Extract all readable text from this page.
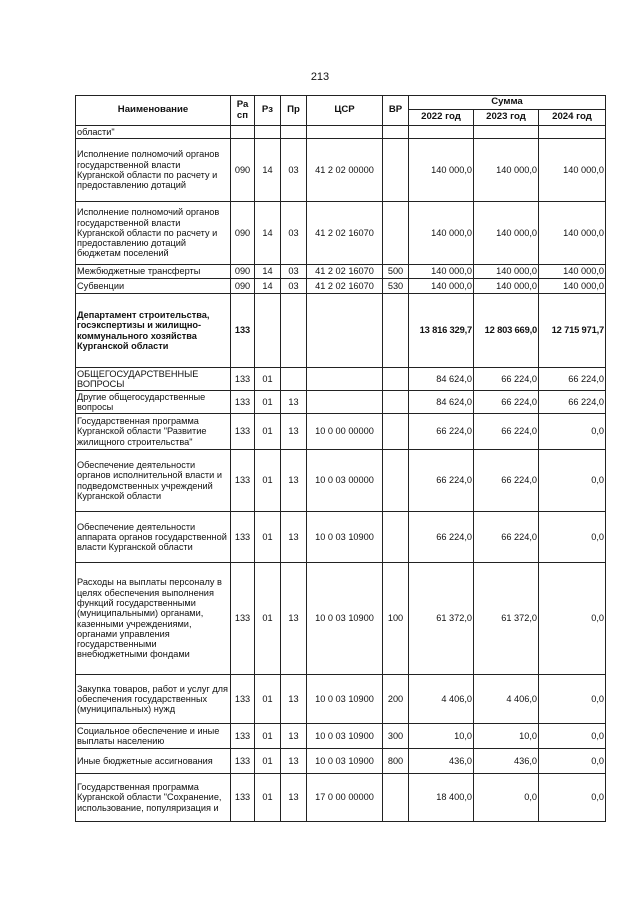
213
Наименование	Ра сп	Рз	Пр	ЦСР	ВР	Сумма		
						2022 год	2023 год	2024 год
области"								
Исполнение полномочий органов государственной власти Курганской области по расчету и предоставлению дотаций	090	14	03	41 2 02 00000		140 000,0	140 000,0	140 000,0
Исполнение полномочий органов государственной власти Курганской области по расчету и предоставлению дотаций бюджетам поселений	090	14	03	41 2 02 16070		140 000,0	140 000,0	140 000,0
Межбюджетные трансферты	090	14	03	41 2 02 16070	500	140 000,0	140 000,0	140 000,0
Субвенции	090	14	03	41 2 02 16070	530	140 000,0	140 000,0	140 000,0
Департамент строительства, госэкспертизы и жилищно-коммунального хозяйства Курганской области	133					13 816 329,7	12 803 669,0	12 715 971,7
ОБЩЕГОСУДАРСТВЕННЫЕ ВОПРОСЫ	133	01				84 624,0	66 224,0	66 224,0
Другие общегосударственные вопросы	133	01	13			84 624,0	66 224,0	66 224,0
Государственная программа Курганской области "Развитие жилищного строительства"	133	01	13	10 0 00 00000		66 224,0	66 224,0	0,0
Обеспечение деятельности органов исполнительной власти и подведомственных учреждений Курганской области	133	01	13	10 0 03 00000		66 224,0	66 224,0	0,0
Обеспечение деятельности аппарата органов государственной власти Курганской области	133	01	13	10 0 03 10900		66 224,0	66 224,0	0,0
Расходы на выплаты персоналу в целях обеспечения выполнения функций государственными (муниципальными) органами, казенными учреждениями, органами управления государственными внебюджетными фондами	133	01	13	10 0 03 10900	100	61 372,0	61 372,0	0,0
Закупка товаров, работ и услуг для обеспечения государственных (муниципальных) нужд	133	01	13	10 0 03 10900	200	4 406,0	4 406,0	0,0
Социальное обеспечение и иные выплаты населению	133	01	13	10 0 03 10900	300	10,0	10,0	0,0
Иные бюджетные ассигнования	133	01	13	10 0 03 10900	800	436,0	436,0	0,0
Государственная программа Курганской области "Сохранение, использование, популяризация и	133	01	13	17 0 00 00000		18 400,0	0,0	0,0
